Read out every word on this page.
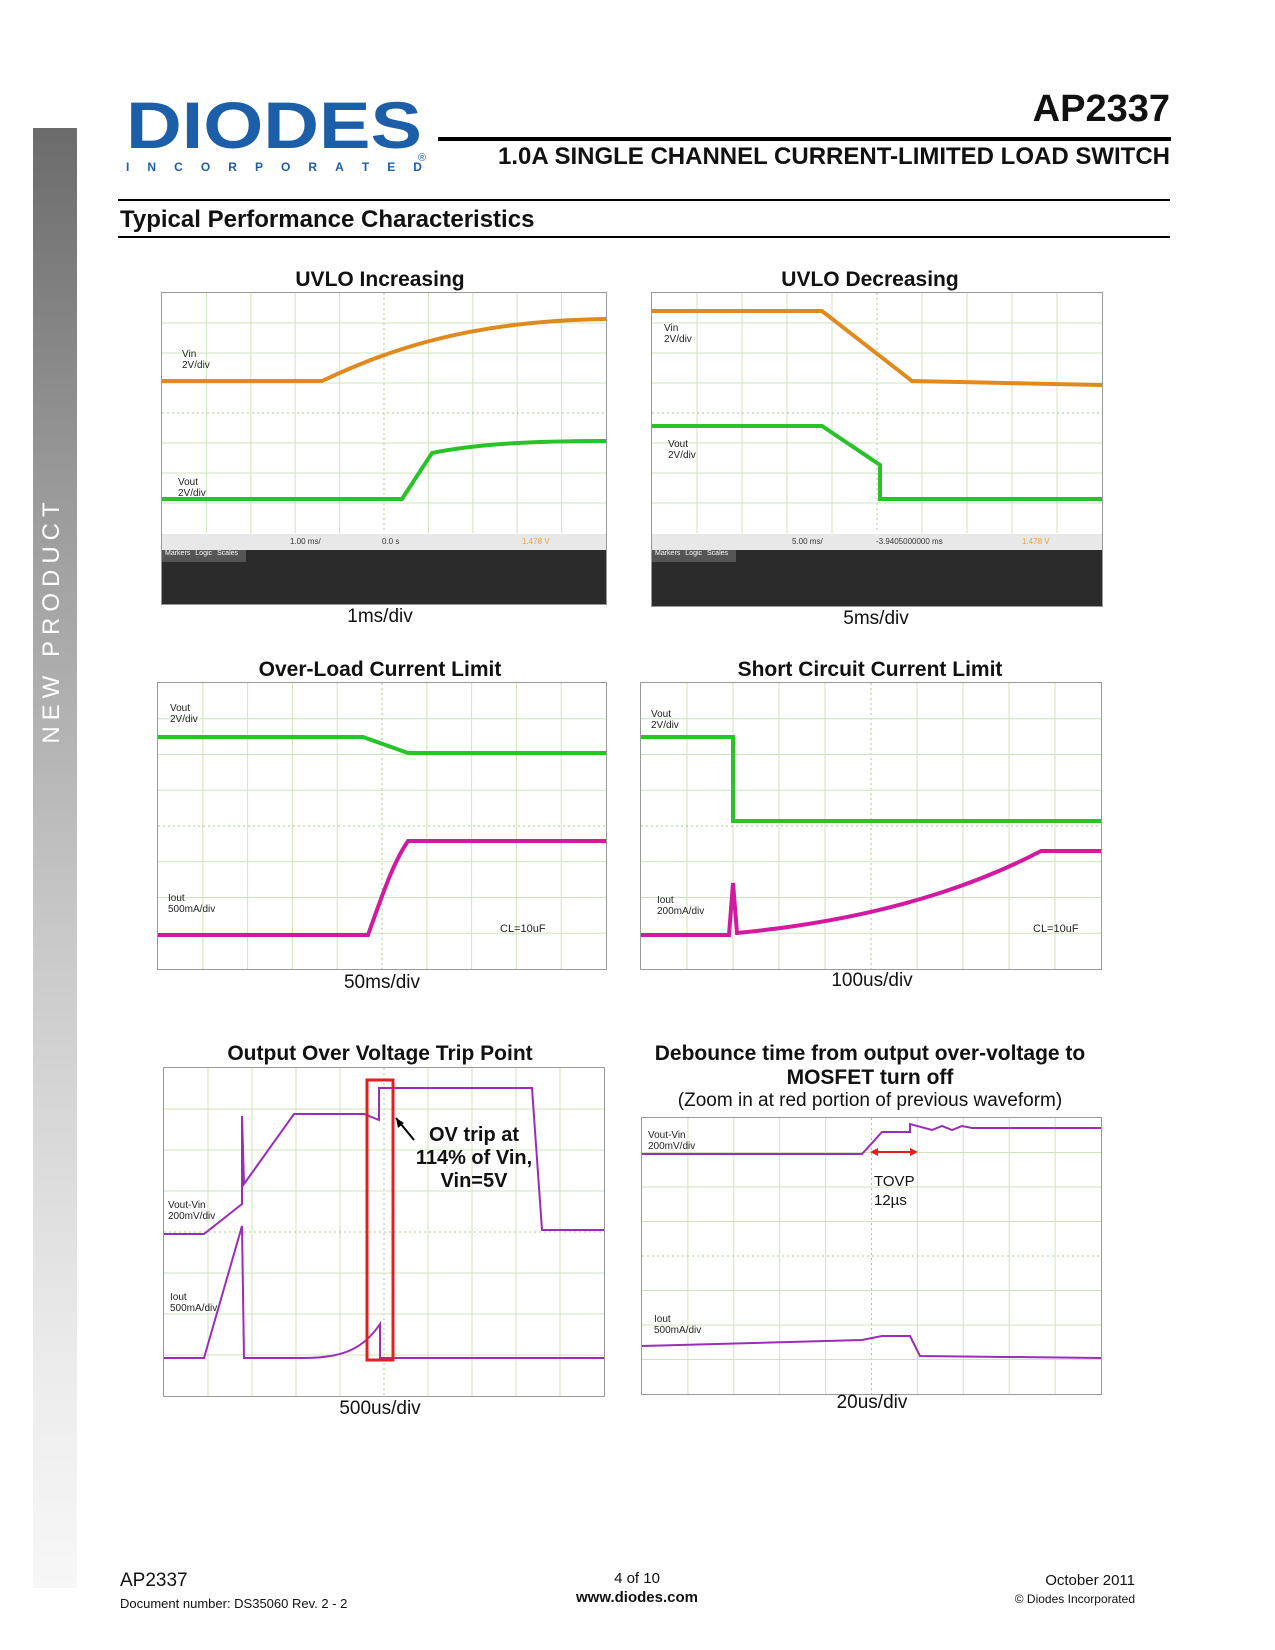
NEW PRODUCT
DIODES
I N C O R P O R A T E D
®
AP2337
1.0A SINGLE CHANNEL CURRENT-LIMITED LOAD SWITCH
Typical Performance Characteristics
UVLO Increasing
Vin
2V/div
Vout
2V/div
1.00 ms/	0.0 s	1.478 V
Markers Logic Scales
1ms/div
UVLO Decreasing
Vin
2V/div
Vout
2V/div
5.00 ms/	-3.9405000000 ms	1.478 V
Markers Logic Scales
5ms/div
Over-Load Current Limit
Vout
2V/div
Iout
500mA/div
CL=10uF
50ms/div
Short Circuit Current Limit
Vout
2V/div
Iout
200mA/div
CL=10uF
100us/div
Output Over Voltage Trip Point
Vout-Vin
200mV/div
Iout
500mA/div
OV trip at
114% of Vin,
Vin=5V
500us/div
Debounce time from output over-voltage to
MOSFET turn off
(Zoom in at red portion of previous waveform)
Vout-Vin
200mV/div
Iout
500mA/div
TOVP
12µs
20us/div
AP2337
Document number: DS35060 Rev. 2 - 2
4 of 10
www.diodes.com
October 2011
© Diodes Incorporated
